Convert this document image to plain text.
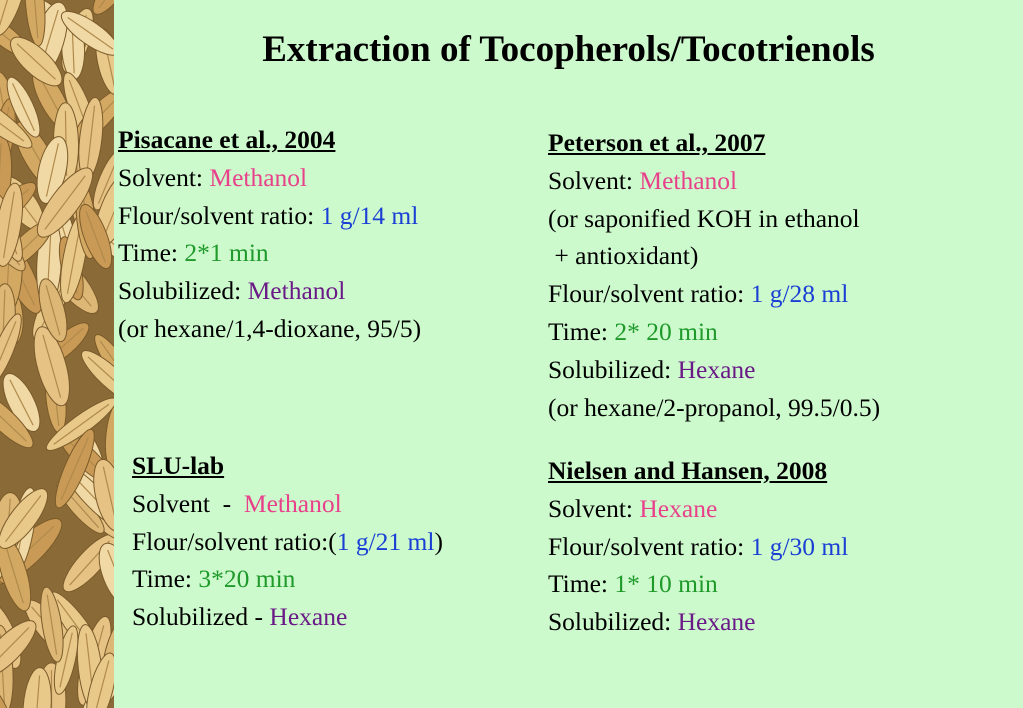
Extraction of Tocopherols/Tocotrienols
Pisacane et al., 2004
Solvent: Methanol
Flour/solvent ratio: 1 g/14 ml
Time: 2*1 min
Solubilized: Methanol
(or hexane/1,4-dioxane, 95/5)
Peterson et al., 2007
Solvent: Methanol
(or saponified KOH in ethanol
+ antioxidant)
Flour/solvent ratio: 1 g/28 ml
Time: 2* 20 min
Solubilized: Hexane
(or hexane/2-propanol, 99.5/0.5)
SLU-lab
Solvent  -  Methanol
Flour/solvent ratio:(1 g/21 ml)
Time: 3*20 min
Solubilized - Hexane
Nielsen and Hansen, 2008
Solvent: Hexane
Flour/solvent ratio: 1 g/30 ml
Time: 1* 10 min
Solubilized: Hexane
